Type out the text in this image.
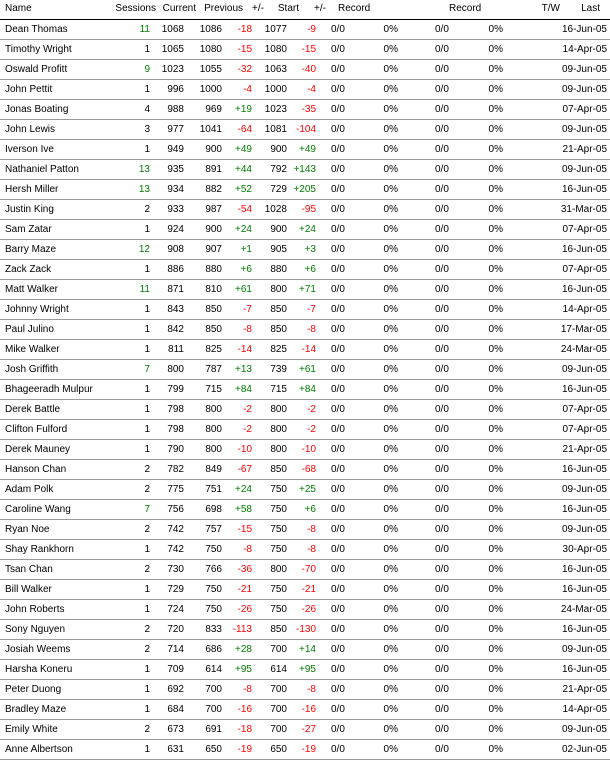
Name	Sessions Current Previous +/- Start +/- Record	Record	T/W Last
Dean Thomas	11 1068 1086 -18 1077 -9 0/0	0%	0/0	0%	16-Jun-05
Timothy Wright	1 1065 1080 -15 1080 -15 0/0	0%	0/0	0%	14-Apr-05
Oswald Profitt	9 1023 1055 -32 1063 -40 0/0	0%	0/0	0%	09-Jun-05
John Pettit	1 996 1000 -4 1000 -4 0/0	0%	0/0	0%	09-Jun-05
Jonas Boating	4 988 969 +19 1023 -35 0/0	0%	0/0	0%	07-Apr-05
John Lewis	3 977 1041 -64 1081 -104 0/0	0%	0/0	0%	09-Jun-05
Iverson Ive	1 949 900 +49 900 +49 0/0	0%	0/0	0%	21-Apr-05
Nathaniel Patton	13 935 891 +44 792 +143 0/0	0%	0/0	0%	09-Jun-05
Hersh Miller	13 934 882 +52 729 +205 0/0	0%	0/0	0%	16-Jun-05
Justin King	2 933 987 -54 1028 -95 0/0	0%	0/0	0%	31-Mar-05
Sam Zatar	1 924 900 +24 900 +24 0/0	0%	0/0	0%	07-Apr-05
Barry Maze	12 908 907 +1 905 +3 0/0	0%	0/0	0%	16-Jun-05
Zack Zack	1 886 880 +6 880 +6 0/0	0%	0/0	0%	07-Apr-05
Matt Walker	11 871 810 +61 800 +71 0/0	0%	0/0	0%	16-Jun-05
Johnny Wright	1 843 850 -7 850 -7 0/0	0%	0/0	0%	14-Apr-05
Paul Julino	1 842 850 -8 850 -8 0/0	0%	0/0	0%	17-Mar-05
Mike Walker	1 811 825 -14 825 -14 0/0	0%	0/0	0%	24-Mar-05
Josh Griffith	7 800 787 +13 739 +61 0/0	0%	0/0	0%	09-Jun-05
Bhageeradh Mulpur	1 799 715 +84 715 +84 0/0	0%	0/0	0%	16-Jun-05
Derek Battle	1 798 800 -2 800 -2 0/0	0%	0/0	0%	07-Apr-05
Clifton Fulford	1 798 800 -2 800 -2 0/0	0%	0/0	0%	07-Apr-05
Derek Mauney	1 790 800 -10 800 -10 0/0	0%	0/0	0%	21-Apr-05
Hanson Chan	2 782 849 -67 850 -68 0/0	0%	0/0	0%	16-Jun-05
Adam Polk	2 775 751 +24 750 +25 0/0	0%	0/0	0%	09-Jun-05
Caroline Wang	7 756 698 +58 750 +6 0/0	0%	0/0	0%	16-Jun-05
Ryan Noe	2 742 757 -15 750 -8 0/0	0%	0/0	0%	09-Jun-05
Shay Rankhorn	1 742 750 -8 750 -8 0/0	0%	0/0	0%	30-Apr-05
Tsan Chan	2 730 766 -36 800 -70 0/0	0%	0/0	0%	16-Jun-05
Bill Walker	1 729 750 -21 750 -21 0/0	0%	0/0	0%	16-Jun-05
John Roberts	1 724 750 -26 750 -26 0/0	0%	0/0	0%	24-Mar-05
Sony Nguyen	2 720 833 -113 850 -130 0/0	0%	0/0	0%	16-Jun-05
Josiah Weems	2 714 686 +28 700 +14 0/0	0%	0/0	0%	09-Jun-05
Harsha Koneru	1 709 614 +95 614 +95 0/0	0%	0/0	0%	16-Jun-05
Peter Duong	1 692 700 -8 700 -8 0/0	0%	0/0	0%	21-Apr-05
Bradley Maze	1 684 700 -16 700 -16 0/0	0%	0/0	0%	14-Apr-05
Emily White	2 673 691 -18 700 -27 0/0	0%	0/0	0%	09-Jun-05
Anne Albertson	1 631 650 -19 650 -19 0/0	0%	0/0	0%	02-Jun-05
